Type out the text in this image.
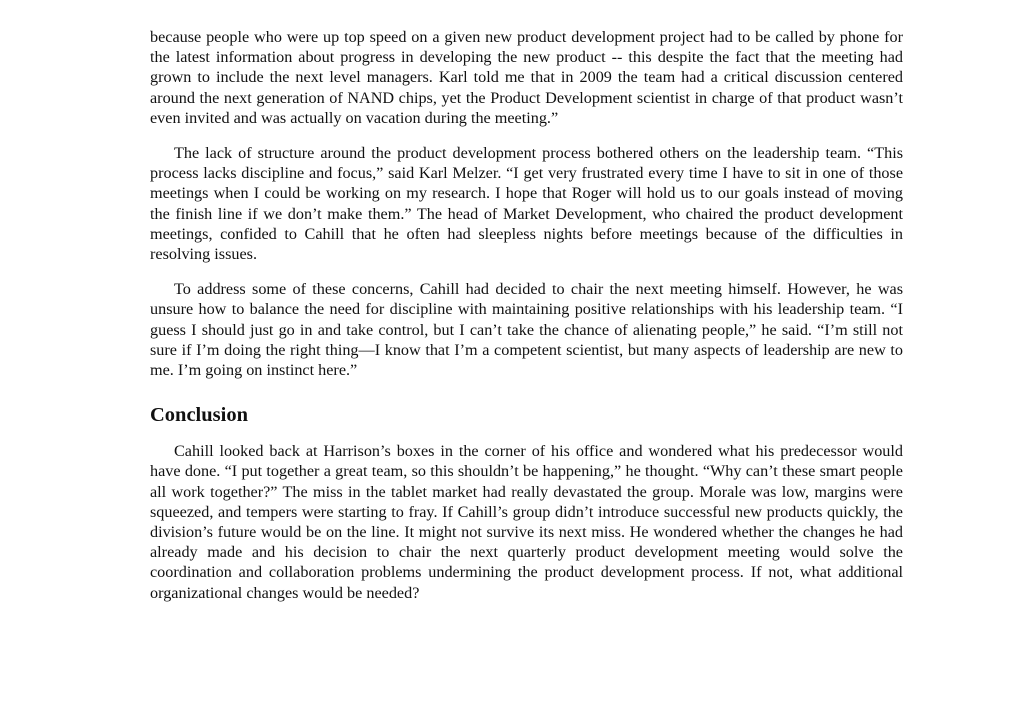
because people who were up top speed on a given new product development project had to be called by phone for the latest information about progress in developing the new product -- this despite the fact that the meeting had grown to include the next level managers. Karl told me that in 2009 the team had a critical discussion centered around the next generation of NAND chips, yet the Product Development scientist in charge of that product wasn’t even invited and was actually on vacation during the meeting.”

The lack of structure around the product development process bothered others on the leadership team. “This process lacks discipline and focus,” said Karl Melzer. “I get very frustrated every time I have to sit in one of those meetings when I could be working on my research. I hope that Roger will hold us to our goals instead of moving the finish line if we don’t make them.” The head of Market Development, who chaired the product development meetings, confided to Cahill that he often had sleepless nights before meetings because of the difficulties in resolving issues.

To address some of these concerns, Cahill had decided to chair the next meeting himself. However, he was unsure how to balance the need for discipline with maintaining positive relationships with his leadership team. “I guess I should just go in and take control, but I can’t take the chance of alienating people,” he said. “I’m still not sure if I’m doing the right thing—I know that I’m a competent scientist, but many aspects of leadership are new to me. I’m going on instinct here.”

Conclusion

Cahill looked back at Harrison’s boxes in the corner of his office and wondered what his predecessor would have done. “I put together a great team, so this shouldn’t be happening,” he thought. “Why can’t these smart people all work together?” The miss in the tablet market had really devastated the group. Morale was low, margins were squeezed, and tempers were starting to fray. If Cahill’s group didn’t introduce successful new products quickly, the division’s future would be on the line. It might not survive its next miss. He wondered whether the changes he had already made and his decision to chair the next quarterly product development meeting would solve the coordination and collaboration problems undermining the product development process. If not, what additional organizational changes would be needed?
